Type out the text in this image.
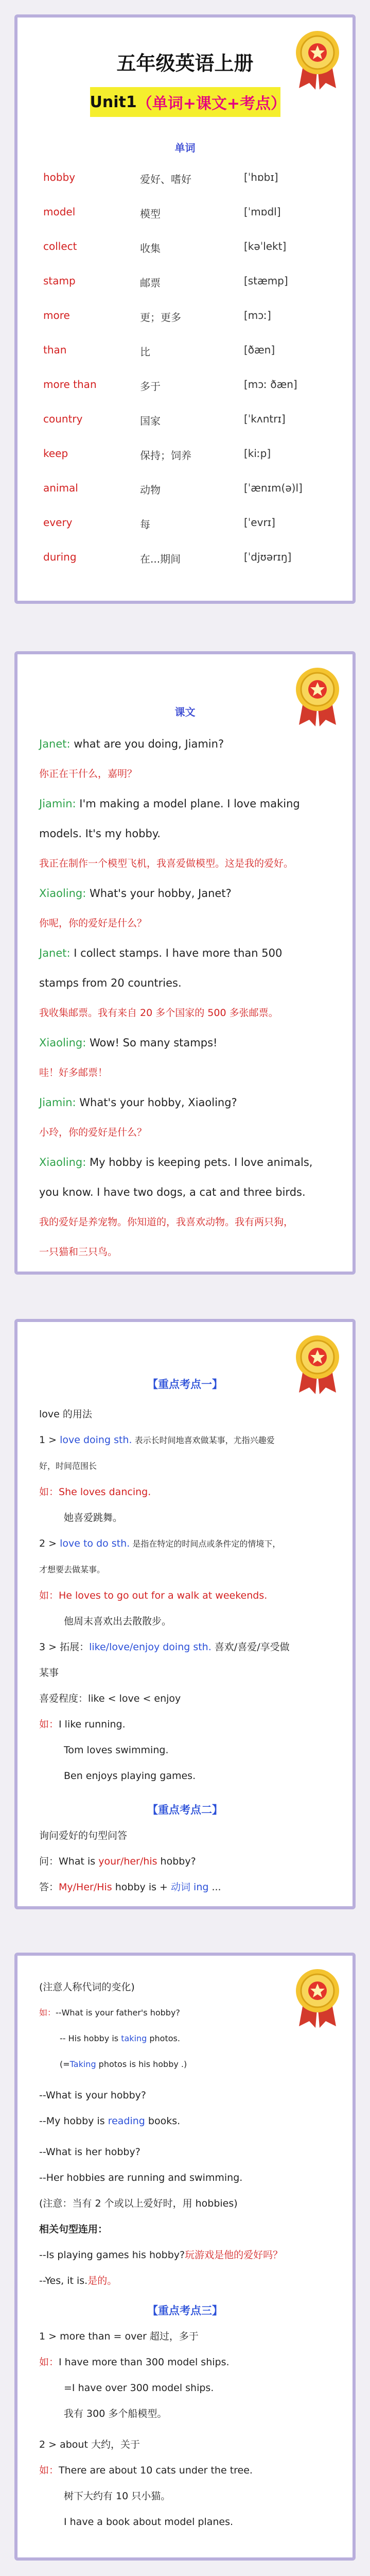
五年级英语上册
Unit1 （单词+课文+考点）
单词
hobby	爱好、嗜好	[ˈhɒbɪ]
model	模型	[ˈmɒdl]
collect	收集	[kəˈlekt]
stamp	邮票	[stæmp]
more	更；更多	[mɔː]
than	比	[ðæn]
more than	多于	[mɔː ðæn]
country	国家	[ˈkʌntrɪ]
keep	保持；饲养	[kiːp]
animal	动物	[ˈænɪm(ə)l]
every	每	[ˈevrɪ]
during	在...期间	[ˈdjʊərɪŋ]
课文
Janet: what are you doing, Jiamin?
你正在干什么，嘉明？
Jiamin: I'm making a model plane. I love making
models. It's my hobby.
我正在制作一个模型飞机，我喜爱做模型。这是我的爱好。
Xiaoling: What's your hobby, Janet?
你呢，你的爱好是什么？
Janet: I collect stamps. I have more than 500
stamps from 20 countries.
我收集邮票。我有来自 20 多个国家的 500 多张邮票。
Xiaoling: Wow! So many stamps!
哇！好多邮票！
Jiamin: What's your hobby, Xiaoling?
小玲，你的爱好是什么？
Xiaoling: My hobby is keeping pets. I love animals,
you know. I have two dogs, a cat and three birds.
我的爱好是养宠物。你知道的，我喜欢动物。我有两只狗，
一只猫和三只鸟。
【重点考点一】
love 的用法
1 > love doing sth. 表示长时间地喜欢做某事，尤指兴趣爱
好，时间范围长
如：She loves dancing.
她喜爱跳舞。
2 > love to do sth. 是指在特定的时间点或条件定的情境下，
才想要去做某事。
如：He loves to go out for a walk at weekends.
他周末喜欢出去散散步。
3 > 拓展：like/love/enjoy doing sth. 喜欢/喜爱/享受做
某事
喜爱程度：like < love < enjoy
如：I like running.
Tom loves swimming.
Ben enjoys playing games.
【重点考点二】
询问爱好的句型问答
问：What is your/her/his hobby?
答：My/Her/His hobby is + 动词 ing ...
(注意人称代词的变化)
如：--What is your father's hobby?
-- His hobby is taking photos.
(=Taking photos is his hobby .)
--What is your hobby?
--My hobby is reading books.
--What is her hobby?
--Her hobbies are running and swimming.
(注意：当有 2 个或以上爱好时，用 hobbies)
相关句型连用：
--Is playing games his hobby?玩游戏是他的爱好吗？
--Yes, it is.是的。
【重点考点三】
1 > more than = over 超过，多于
如：I have more than 300 model ships.
=I have over 300 model ships.
我有 300 多个船模型。
2 > about 大约，关于
如：There are about 10 cats under the tree.
树下大约有 10 只小猫。
I have a book about model planes.
